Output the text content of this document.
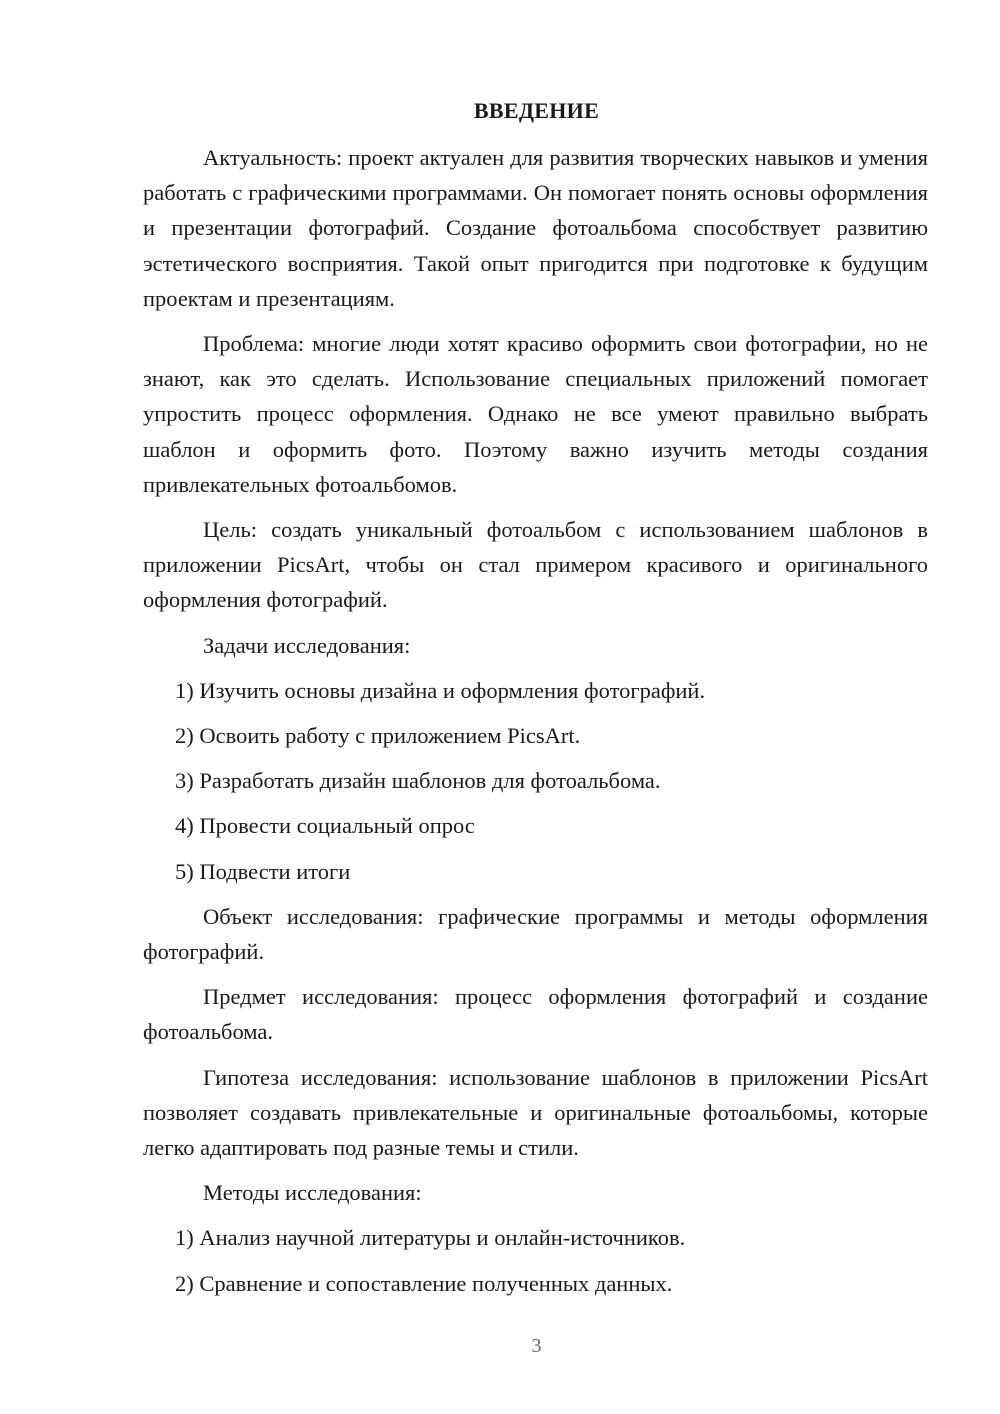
ВВЕДЕНИЕ

Актуальность: проект актуален для развития творческих навыков и умения работать с графическими программами. Он помогает понять основы оформления и презентации фотографий. Создание фотоальбома способствует развитию эстетического восприятия. Такой опыт пригодится при подготовке к будущим проектам и презентациям.

Проблема: многие люди хотят красиво оформить свои фотографии, но не знают, как это сделать. Использование специальных приложений помогает упростить процесс оформления. Однако не все умеют правильно выбрать шаблон и оформить фото. Поэтому важно изучить методы создания привлекательных фотоальбомов.

Цель: создать уникальный фотоальбом с использованием шаблонов в приложении PicsArt, чтобы он стал примером красивого и оригинального оформления фотографий.

Задачи исследования:

1) Изучить основы дизайна и оформления фотографий.

2) Освоить работу с приложением PicsArt.

3) Разработать дизайн шаблонов для фотоальбома.

4) Провести социальный опрос

5) Подвести итоги

Объект исследования: графические программы и методы оформления фотографий.

Предмет исследования: процесс оформления фотографий и создание фотоальбома.

Гипотеза исследования: использование шаблонов в приложении PicsArt позволяет создавать привлекательные и оригинальные фотоальбомы, которые легко адаптировать под разные темы и стили.

Методы исследования:

1) Анализ научной литературы и онлайн-источников.

2) Сравнение и сопоставление полученных данных.

3
